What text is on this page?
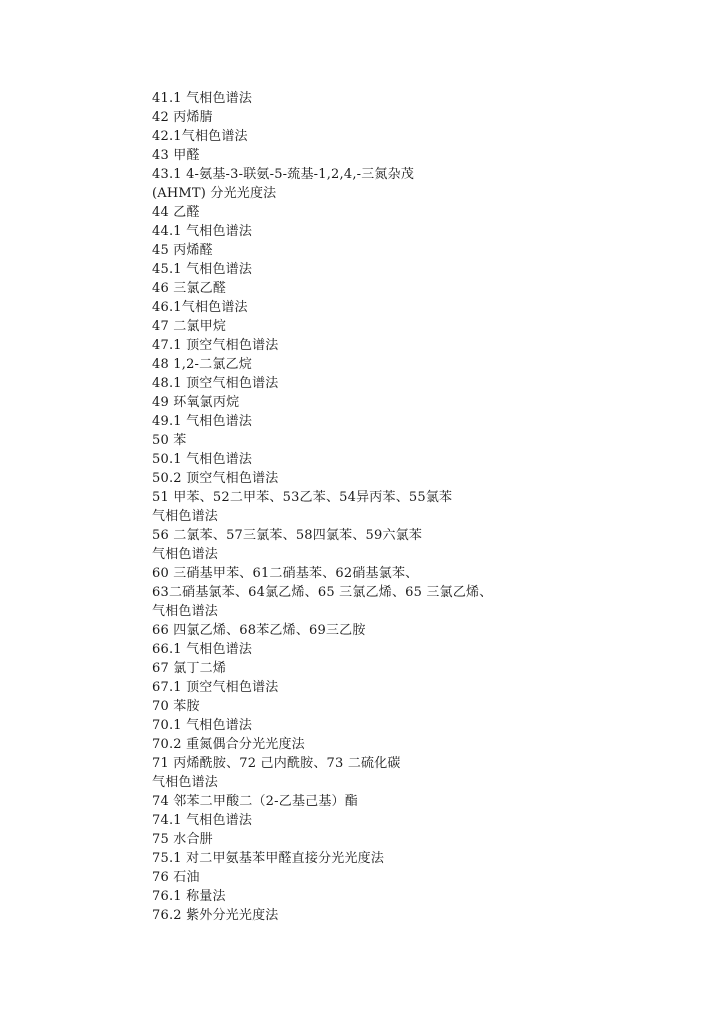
41.1 气相色谱法
42 丙烯腈
42.1气相色谱法
43 甲醛
43.1 4-氨基-3-联氨-5-巯基-1,2,4,-三氮杂茂
(AHMT) 分光光度法
44 乙醛
44.1 气相色谱法
45 丙烯醛
45.1 气相色谱法
46 三氯乙醛
46.1气相色谱法
47 二氯甲烷
47.1 顶空气相色谱法
48 1,2-二氯乙烷
48.1 顶空气相色谱法
49 环氧氯丙烷
49.1 气相色谱法
50 苯
50.1 气相色谱法
50.2 顶空气相色谱法
51 甲苯、52二甲苯、53乙苯、54异丙苯、55氯苯
气相色谱法
56 二氯苯、57三氯苯、58四氯苯、59六氯苯
气相色谱法
60 三硝基甲苯、61二硝基苯、62硝基氯苯、
63二硝基氯苯、64氯乙烯、65 三氯乙烯、65 三氯乙烯、
气相色谱法
66 四氯乙烯、68苯乙烯、69三乙胺
66.1 气相色谱法
67 氯丁二烯
67.1 顶空气相色谱法
70 苯胺
70.1 气相色谱法
70.2 重氮偶合分光光度法
71 丙烯酰胺、72 己内酰胺、73 二硫化碳
气相色谱法
74 邻苯二甲酸二（2-乙基己基）酯
74.1 气相色谱法
75 水合肼
75.1 对二甲氨基苯甲醛直接分光光度法
76 石油
76.1 称量法
76.2 紫外分光光度法
